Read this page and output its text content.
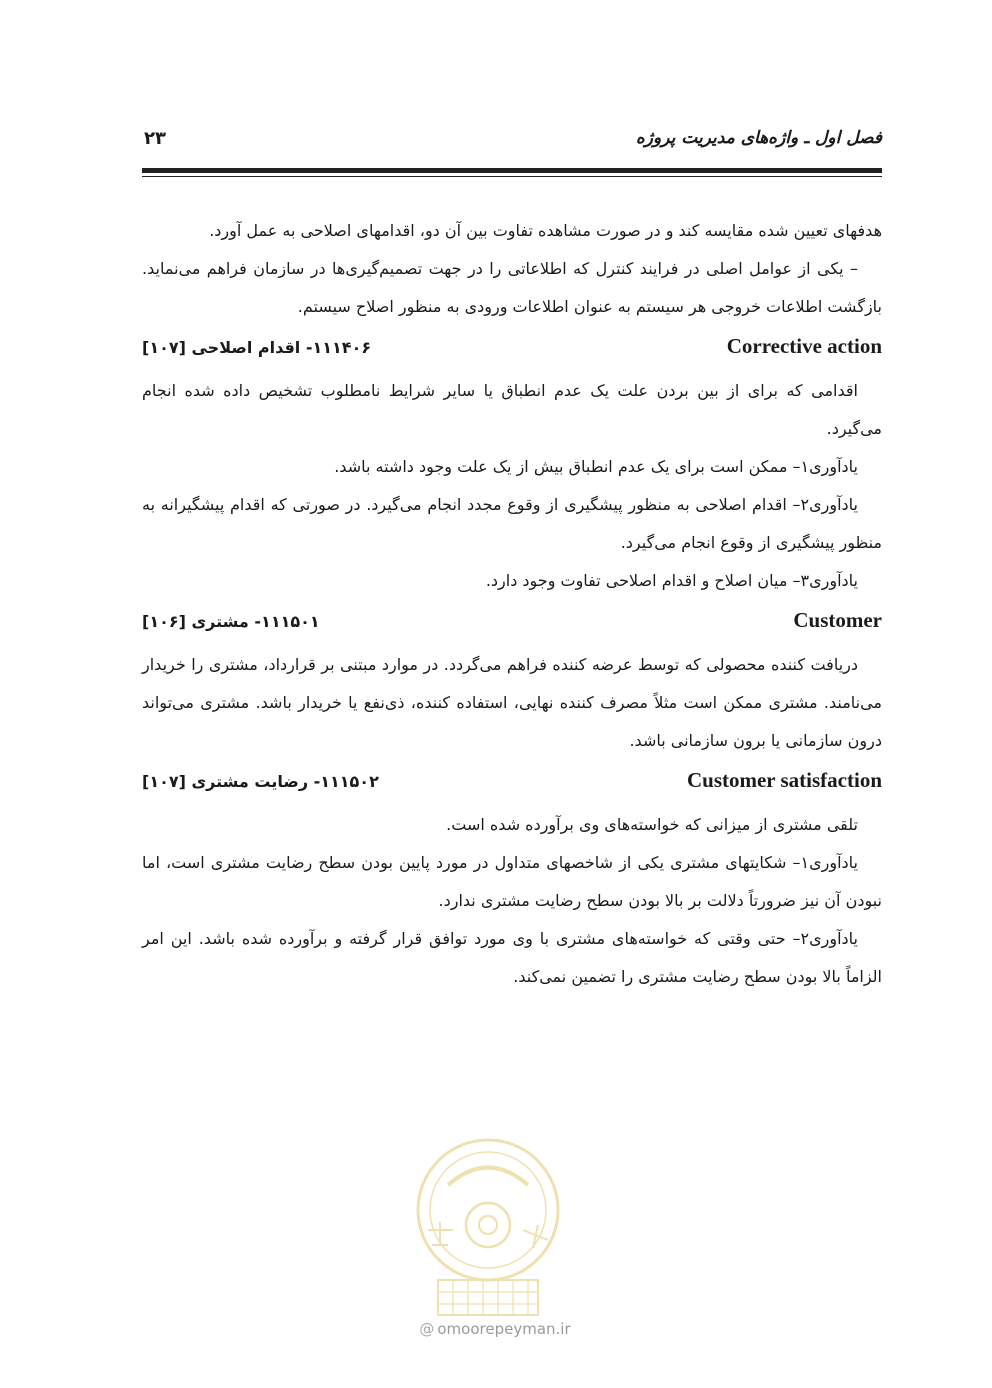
فصل اول ـ واژه‌های مدیریت پروژه
۲۳

هدفهای تعیین شده مقایسه کند و در صورت مشاهده تفاوت بین آن دو، اقدامهای اصلاحی به عمل آورد.

– یکی از عوامل اصلی در فرایند کنترل که اطلاعاتی را در جهت تصمیم‌گیری‌ها در سازمان فراهم می‌نماید. بازگشت اطلاعات خروجی هر سیستم به عنوان اطلاعات ورودی به منظور اصلاح سیستم.

۱۱۱۴۰۶- اقدام اصلاحی [۱۰۷]	Corrective action

اقدامی که برای از بین بردن علت یک عدم انطباق یا سایر شرایط نامطلوب تشخیص داده شده انجام می‌گیرد.

یادآوری۱– ممکن است برای یک عدم انطباق بیش از یک علت وجود داشته باشد.

یادآوری۲– اقدام اصلاحی به منظور پیشگیری از وقوع مجدد انجام می‌گیرد. در صورتی که اقدام پیشگیرانه به منظور پیشگیری از وقوع انجام می‌گیرد.

یادآوری۳– میان اصلاح و اقدام اصلاحی تفاوت وجود دارد.

۱۱۱۵۰۱- مشتری [۱۰۶]	Customer

دریافت کننده محصولی که توسط عرضه کننده فراهم می‌گردد. در موارد مبتنی بر قرارداد، مشتری را خریدار می‌نامند. مشتری ممکن است مثلاً مصرف کننده نهایی، استفاده کننده، ذی‌نفع یا خریدار باشد. مشتری می‌تواند درون سازمانی یا برون سازمانی باشد.

۱۱۱۵۰۲- رضایت مشتری [۱۰۷]	Customer satisfaction

تلقی مشتری از میزانی که خواسته‌های وی برآورده شده است.

یادآوری۱– شکایتهای مشتری یکی از شاخصهای متداول در مورد پایین بودن سطح رضایت مشتری است، اما نبودن آن نیز ضرورتاً دلالت بر بالا بودن سطح رضایت مشتری ندارد.

یادآوری۲– حتی وقتی که خواسته‌های مشتری با وی مورد توافق قرار گرفته و برآورده شده باشد. این امر الزاماً بالا بودن سطح رضایت مشتری را تضمین نمی‌کند.

@ omoorepeyman.ir
